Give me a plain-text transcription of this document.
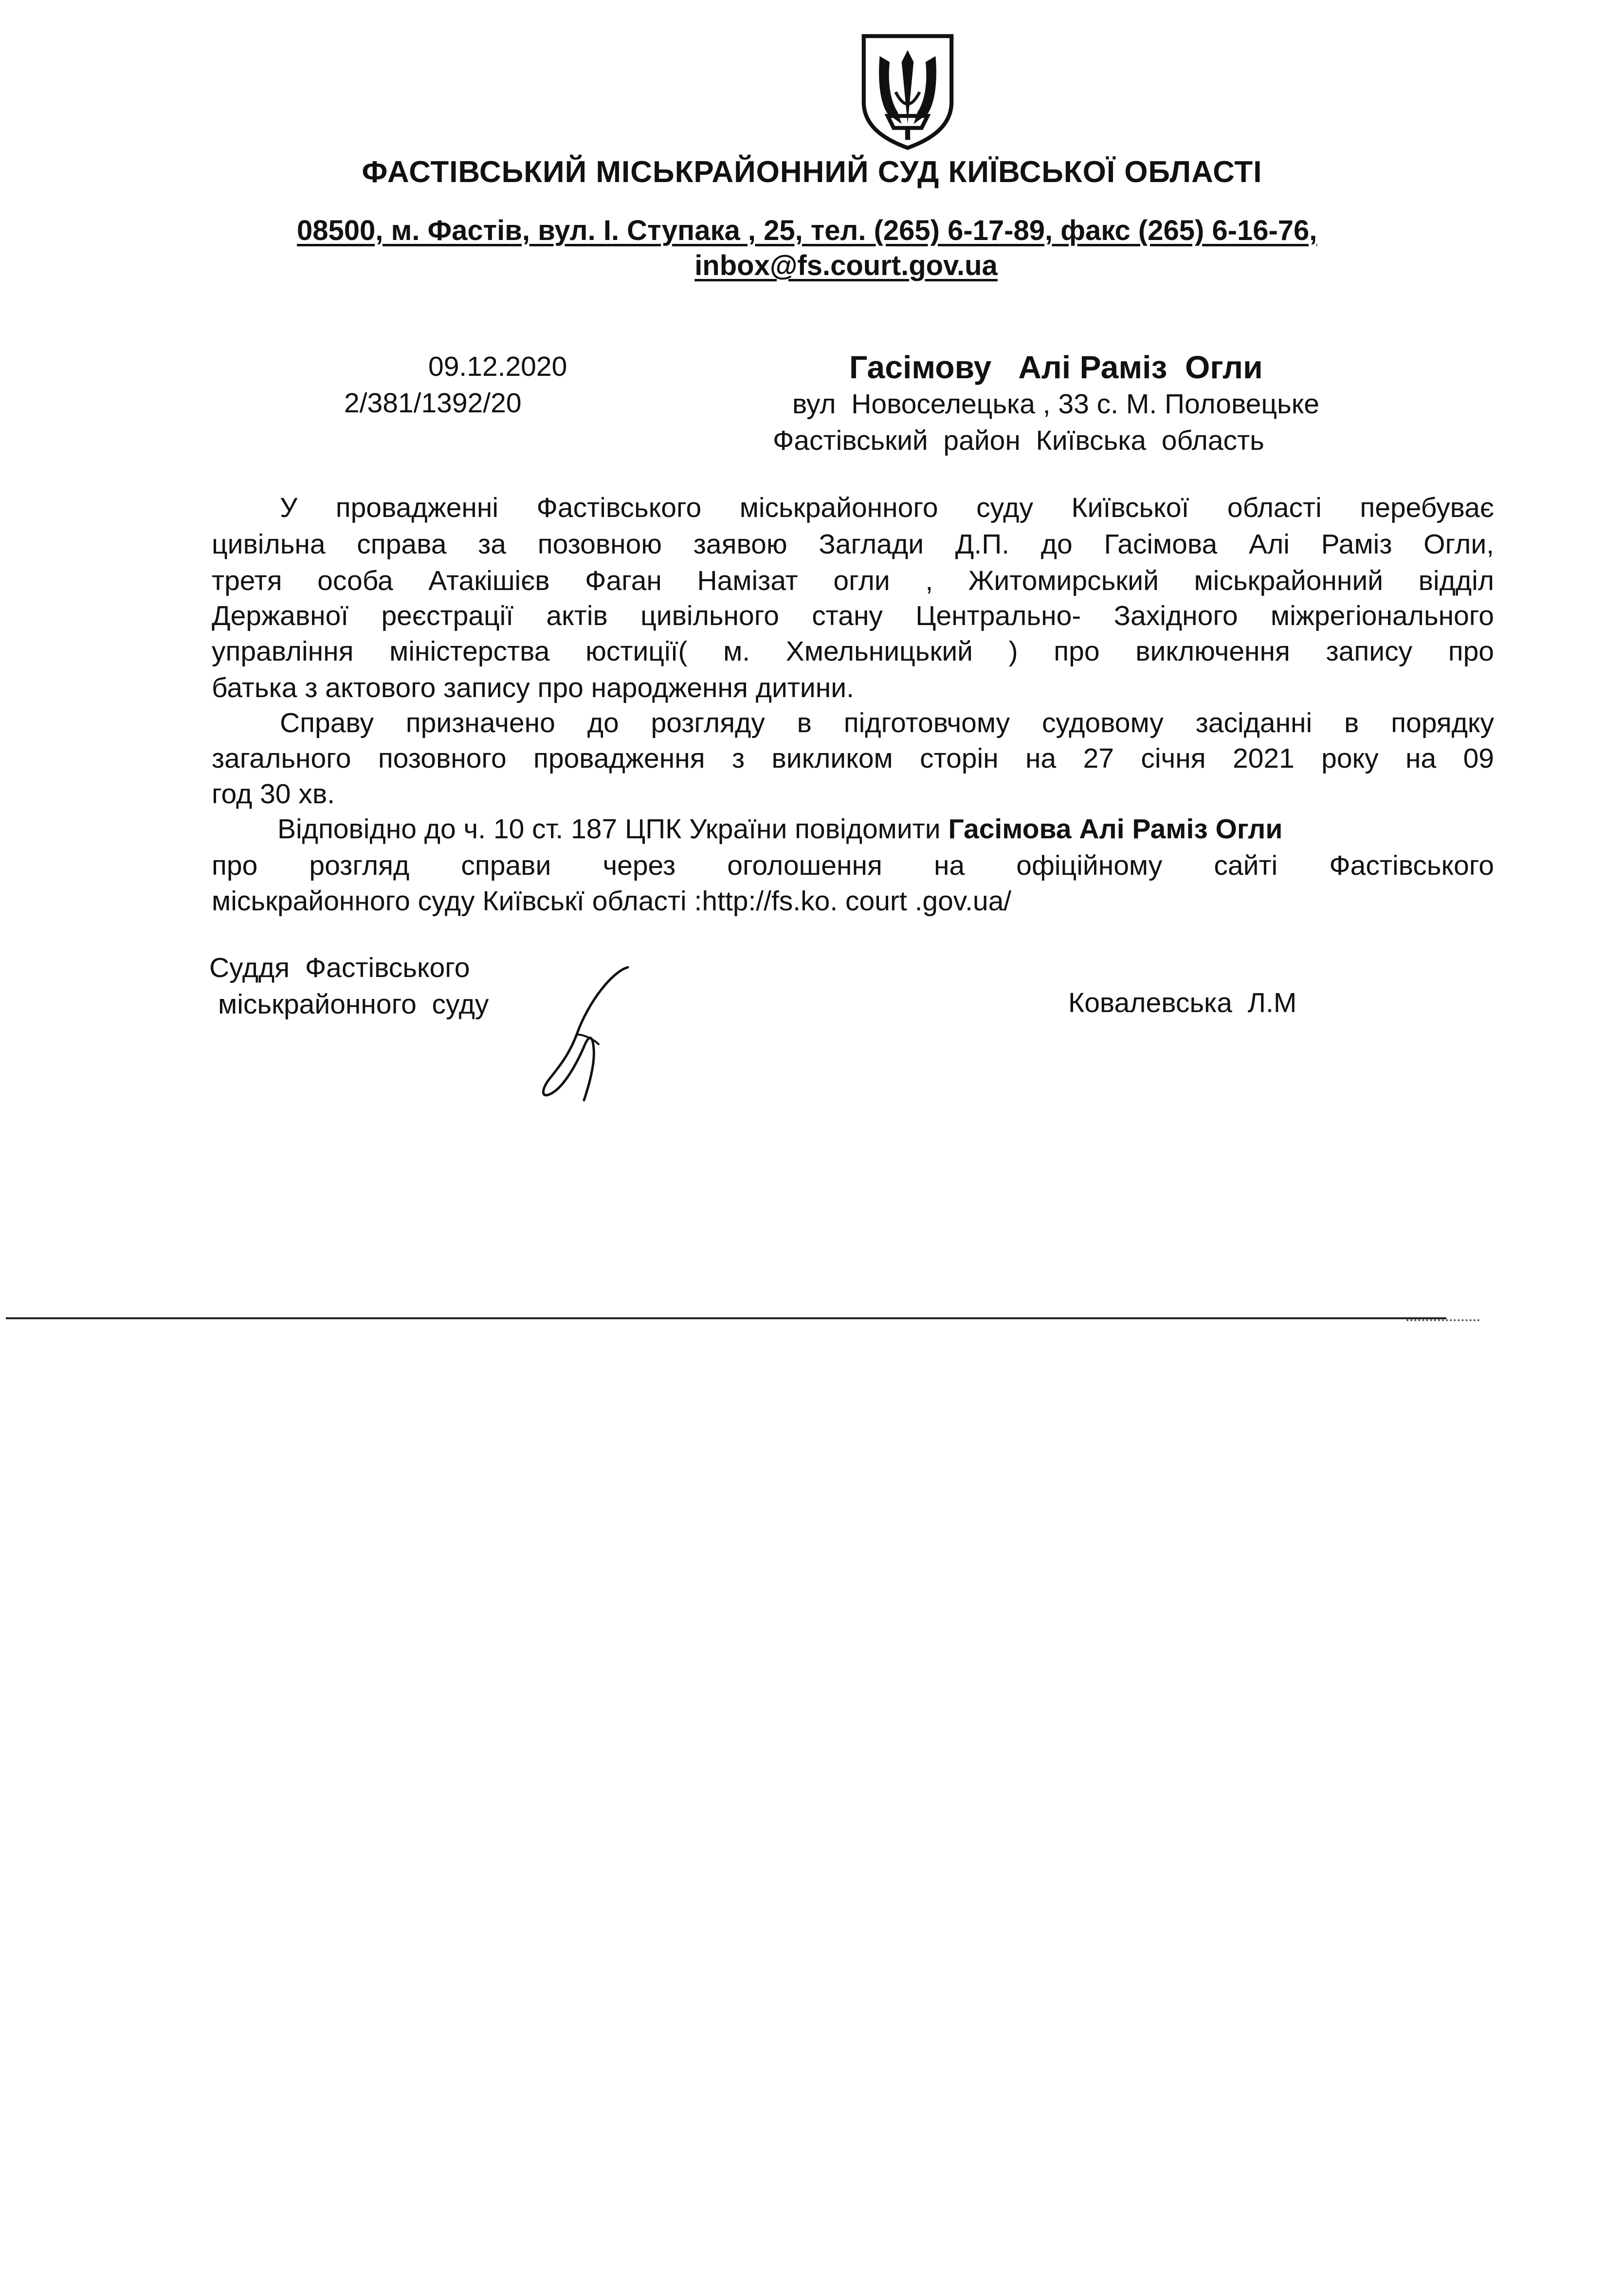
ФАСТІВСЬКИЙ МІСЬКРАЙОННИЙ СУД КИЇВСЬКОЇ ОБЛАСТІ
08500, м. Фастів, вул. І. Ступака , 25, тел. (265) 6-17-89, факс (265) 6-16-76,
inbox@fs.court.gov.ua
09.12.2020
2/381/1392/20
Гасімову   Алі Раміз  Огли
вул  Новоселецька , 33 с. М. Половецьке
Фастівський  район  Київська  область
У провадженні Фастівського міськрайонного суду Київської області перебуває
цивільна справа за позовною заявою Заглади Д.П. до Гасімова Алі Раміз Огли,
третя особа Атакішієв Фаган Намізат огли , Житомирський міськрайонний відділ
Державної реєстрації актів цивільного стану Центрально- Західного міжрегіонального
управління міністерства юстиції( м. Хмельницький ) про виключення запису про
батька з актового запису про народження дитини.
Справу призначено до розгляду в підготовчому судовому засіданні в порядку
загального позовного провадження з викликом сторін на 27 січня 2021 року на 09
год 30 хв.
Відповідно до ч. 10 ст. 187 ЦПК України повідомити Гасімова Алі Раміз Огли
про розгляд справи через оголошення на офіційному сайті Фастівського
міськрайонного суду Київськї області :http://fs.ko. court .gov.ua/
Суддя  Фастівського
міськрайонного  суду	Ковалевська  Л.М
